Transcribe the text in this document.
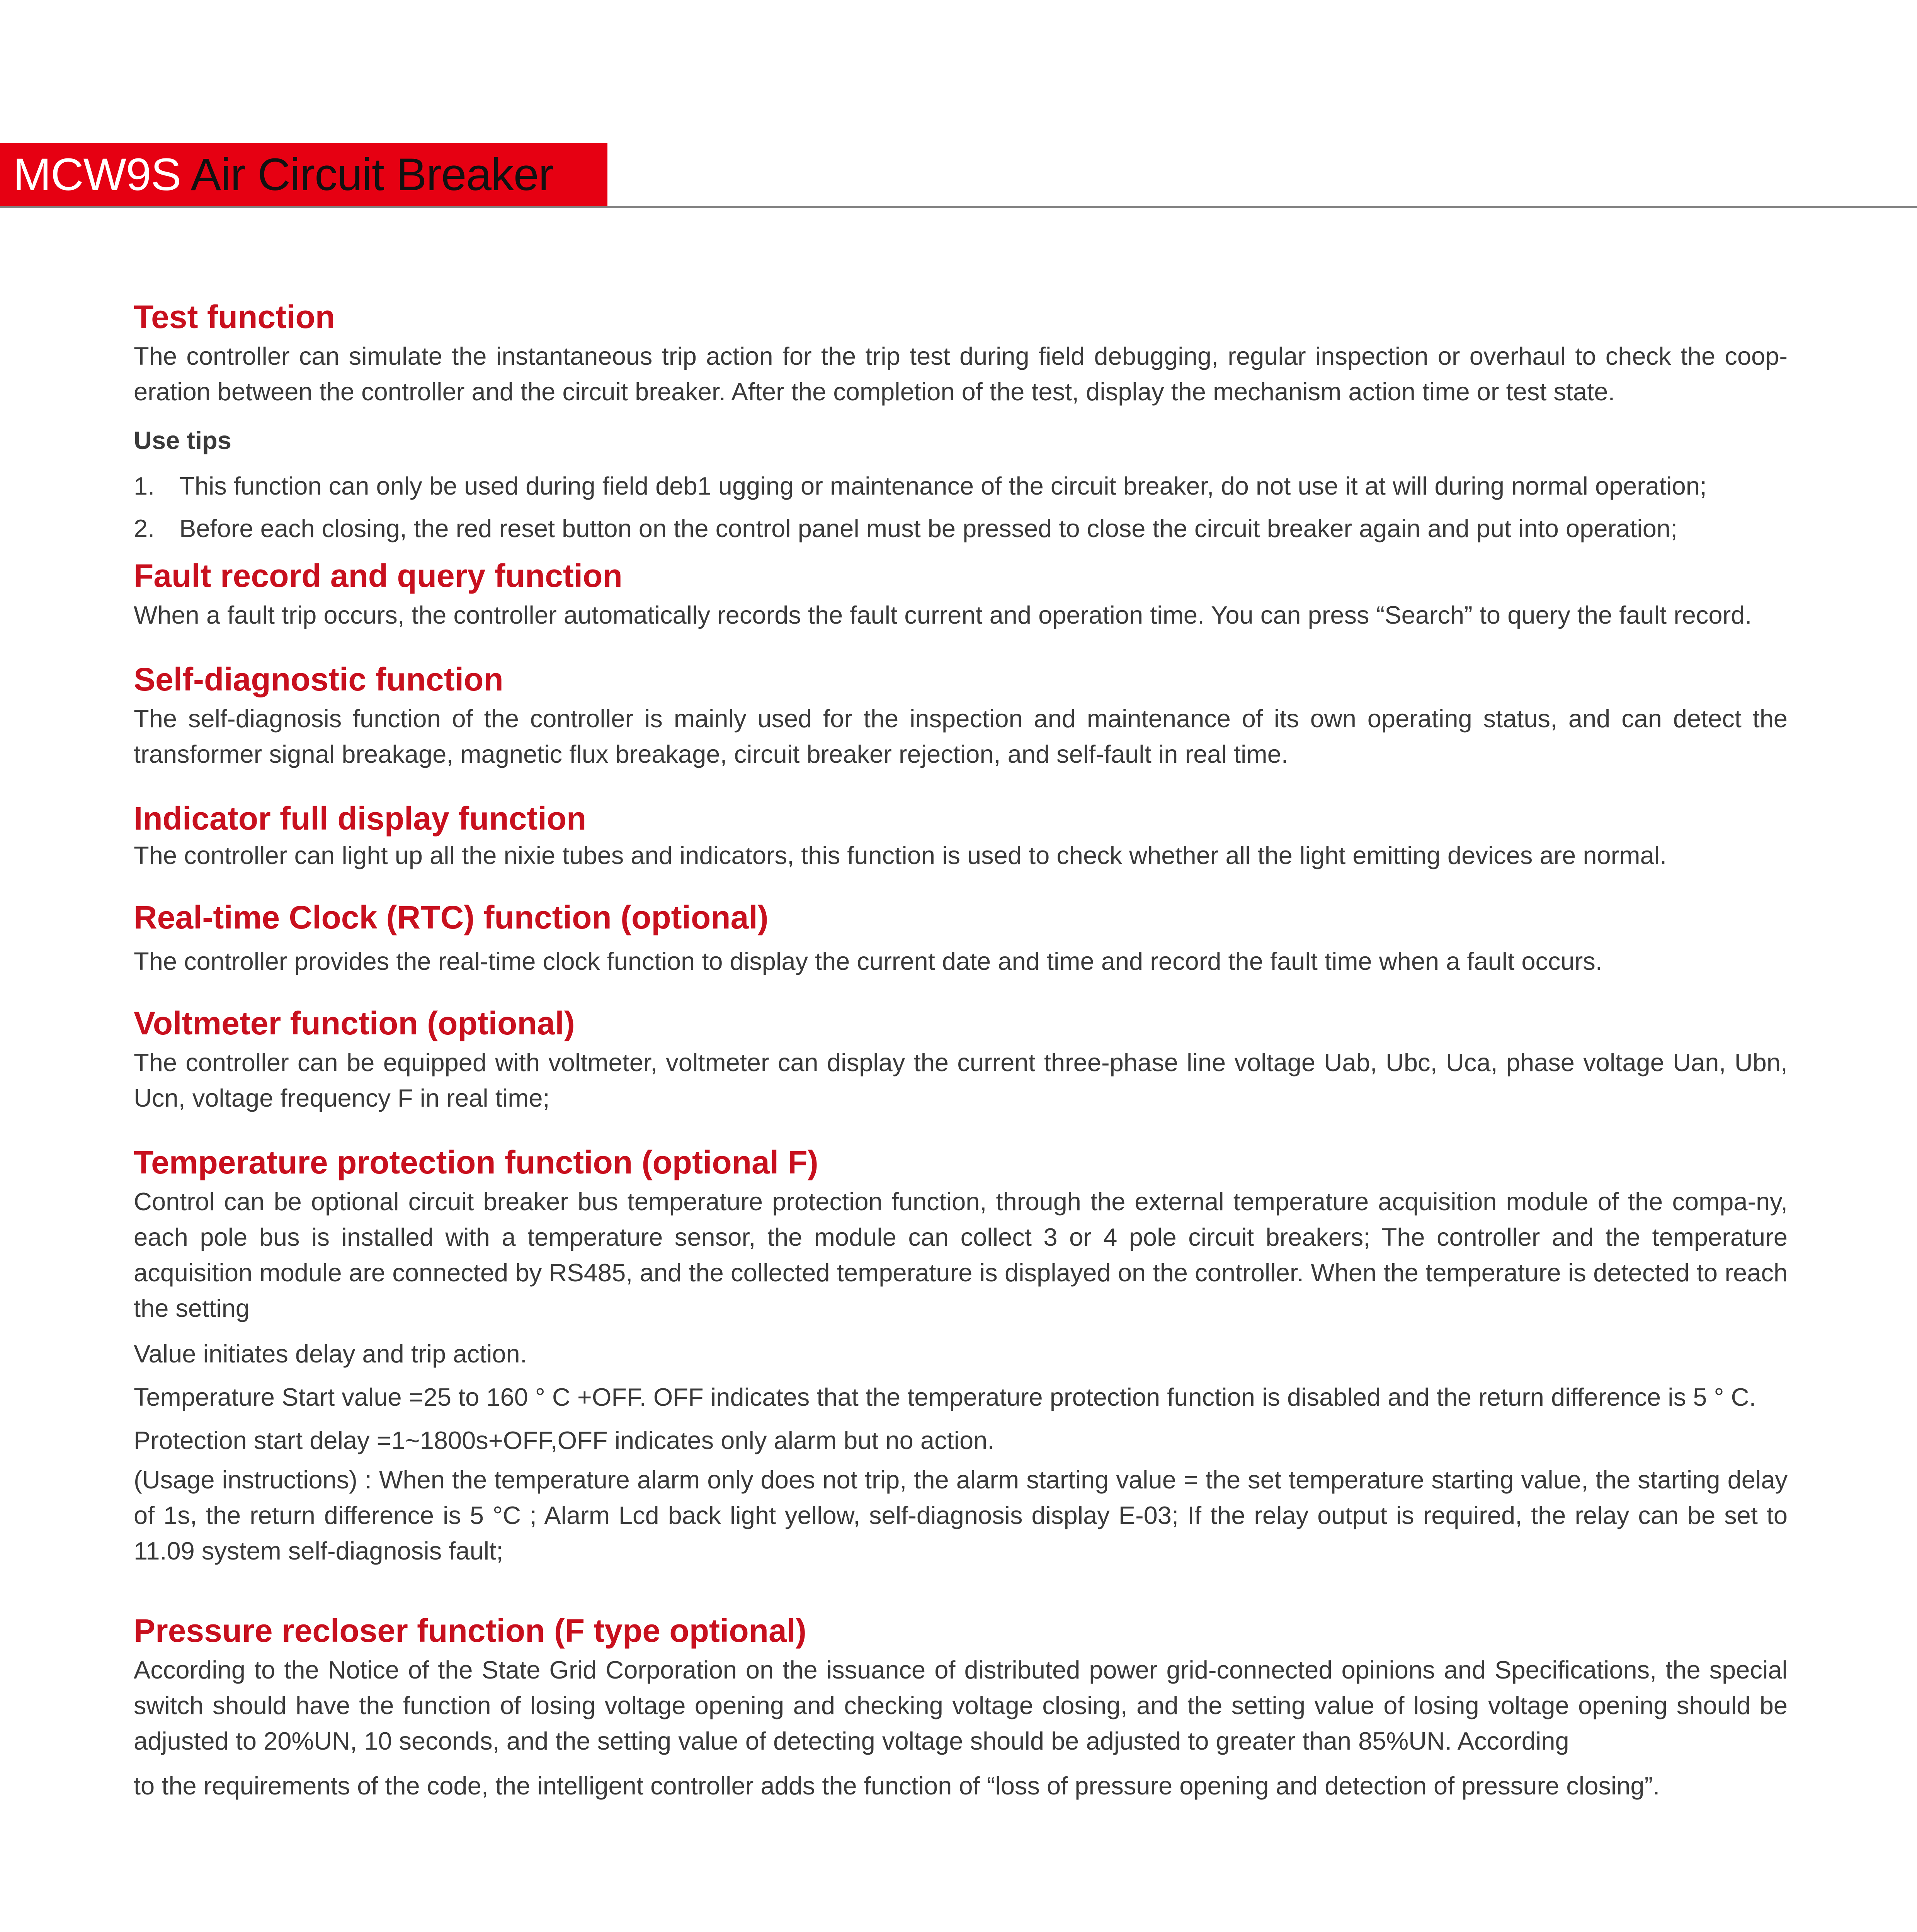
MCW9S Air Circuit Breaker
Test function

The controller can simulate the instantaneous trip action for the trip test during field debugging, regular inspection or overhaul to check the coop-eration between the controller and the circuit breaker. After the completion of the test, display the mechanism action time or test state.

Use tips
1. This function can only be used during field deb1 ugging or maintenance of the circuit breaker, do not use it at will during normal operation;
2. Before each closing, the red reset button on the control panel must be pressed to close the circuit breaker again and put into operation;
Fault record and query function

When a fault trip occurs, the controller automatically records the fault current and operation time. You can press “Search” to query the fault record.

Self-diagnostic function

The self-diagnosis function of the controller is mainly used for the inspection and maintenance of its own operating status, and can detect the transformer signal breakage, magnetic flux breakage, circuit breaker rejection, and self-fault in real time.

Indicator full display function

The controller can light up all the nixie tubes and indicators, this function is used to check whether all the light emitting devices are normal.

Real-time Clock (RTC) function (optional)

The controller provides the real-time clock function to display the current date and time and record the fault time when a fault occurs.

Voltmeter function (optional)

The controller can be equipped with voltmeter, voltmeter can display the current three-phase line voltage Uab, Ubc, Uca, phase voltage Uan, Ubn, Ucn, voltage frequency F in real time;

Temperature protection function (optional F)

Control can be optional circuit breaker bus temperature protection function, through the external temperature acquisition module of the compa-ny, each pole bus is installed with a temperature sensor, the module can collect 3 or 4 pole circuit breakers; The controller and the temperature acquisition module are connected by RS485, and the collected temperature is displayed on the controller. When the temperature is detected to reach the setting

Value initiates delay and trip action.

Temperature Start value =25 to 160 ° C +OFF. OFF indicates that the temperature protection function is disabled and the return difference is 5 ° C.

Protection start delay =1~1800s+OFF,OFF indicates only alarm but no action.

(Usage instructions) : When the temperature alarm only does not trip, the alarm starting value = the set temperature starting value, the starting delay of 1s, the return difference is 5 °C ; Alarm Lcd back light yellow, self-diagnosis display E-03; If the relay output is required, the relay can be set to 11.09 system self-diagnosis fault;

Pressure recloser function (F type optional)

According to the Notice of the State Grid Corporation on the issuance of distributed power grid-connected opinions and Specifications, the special switch should have the function of losing voltage opening and checking voltage closing, and the setting value of losing voltage opening should be adjusted to 20%UN, 10 seconds, and the setting value of detecting voltage should be adjusted to greater than 85%UN. According

to the requirements of the code, the intelligent controller adds the function of “loss of pressure opening and detection of pressure closing”.
